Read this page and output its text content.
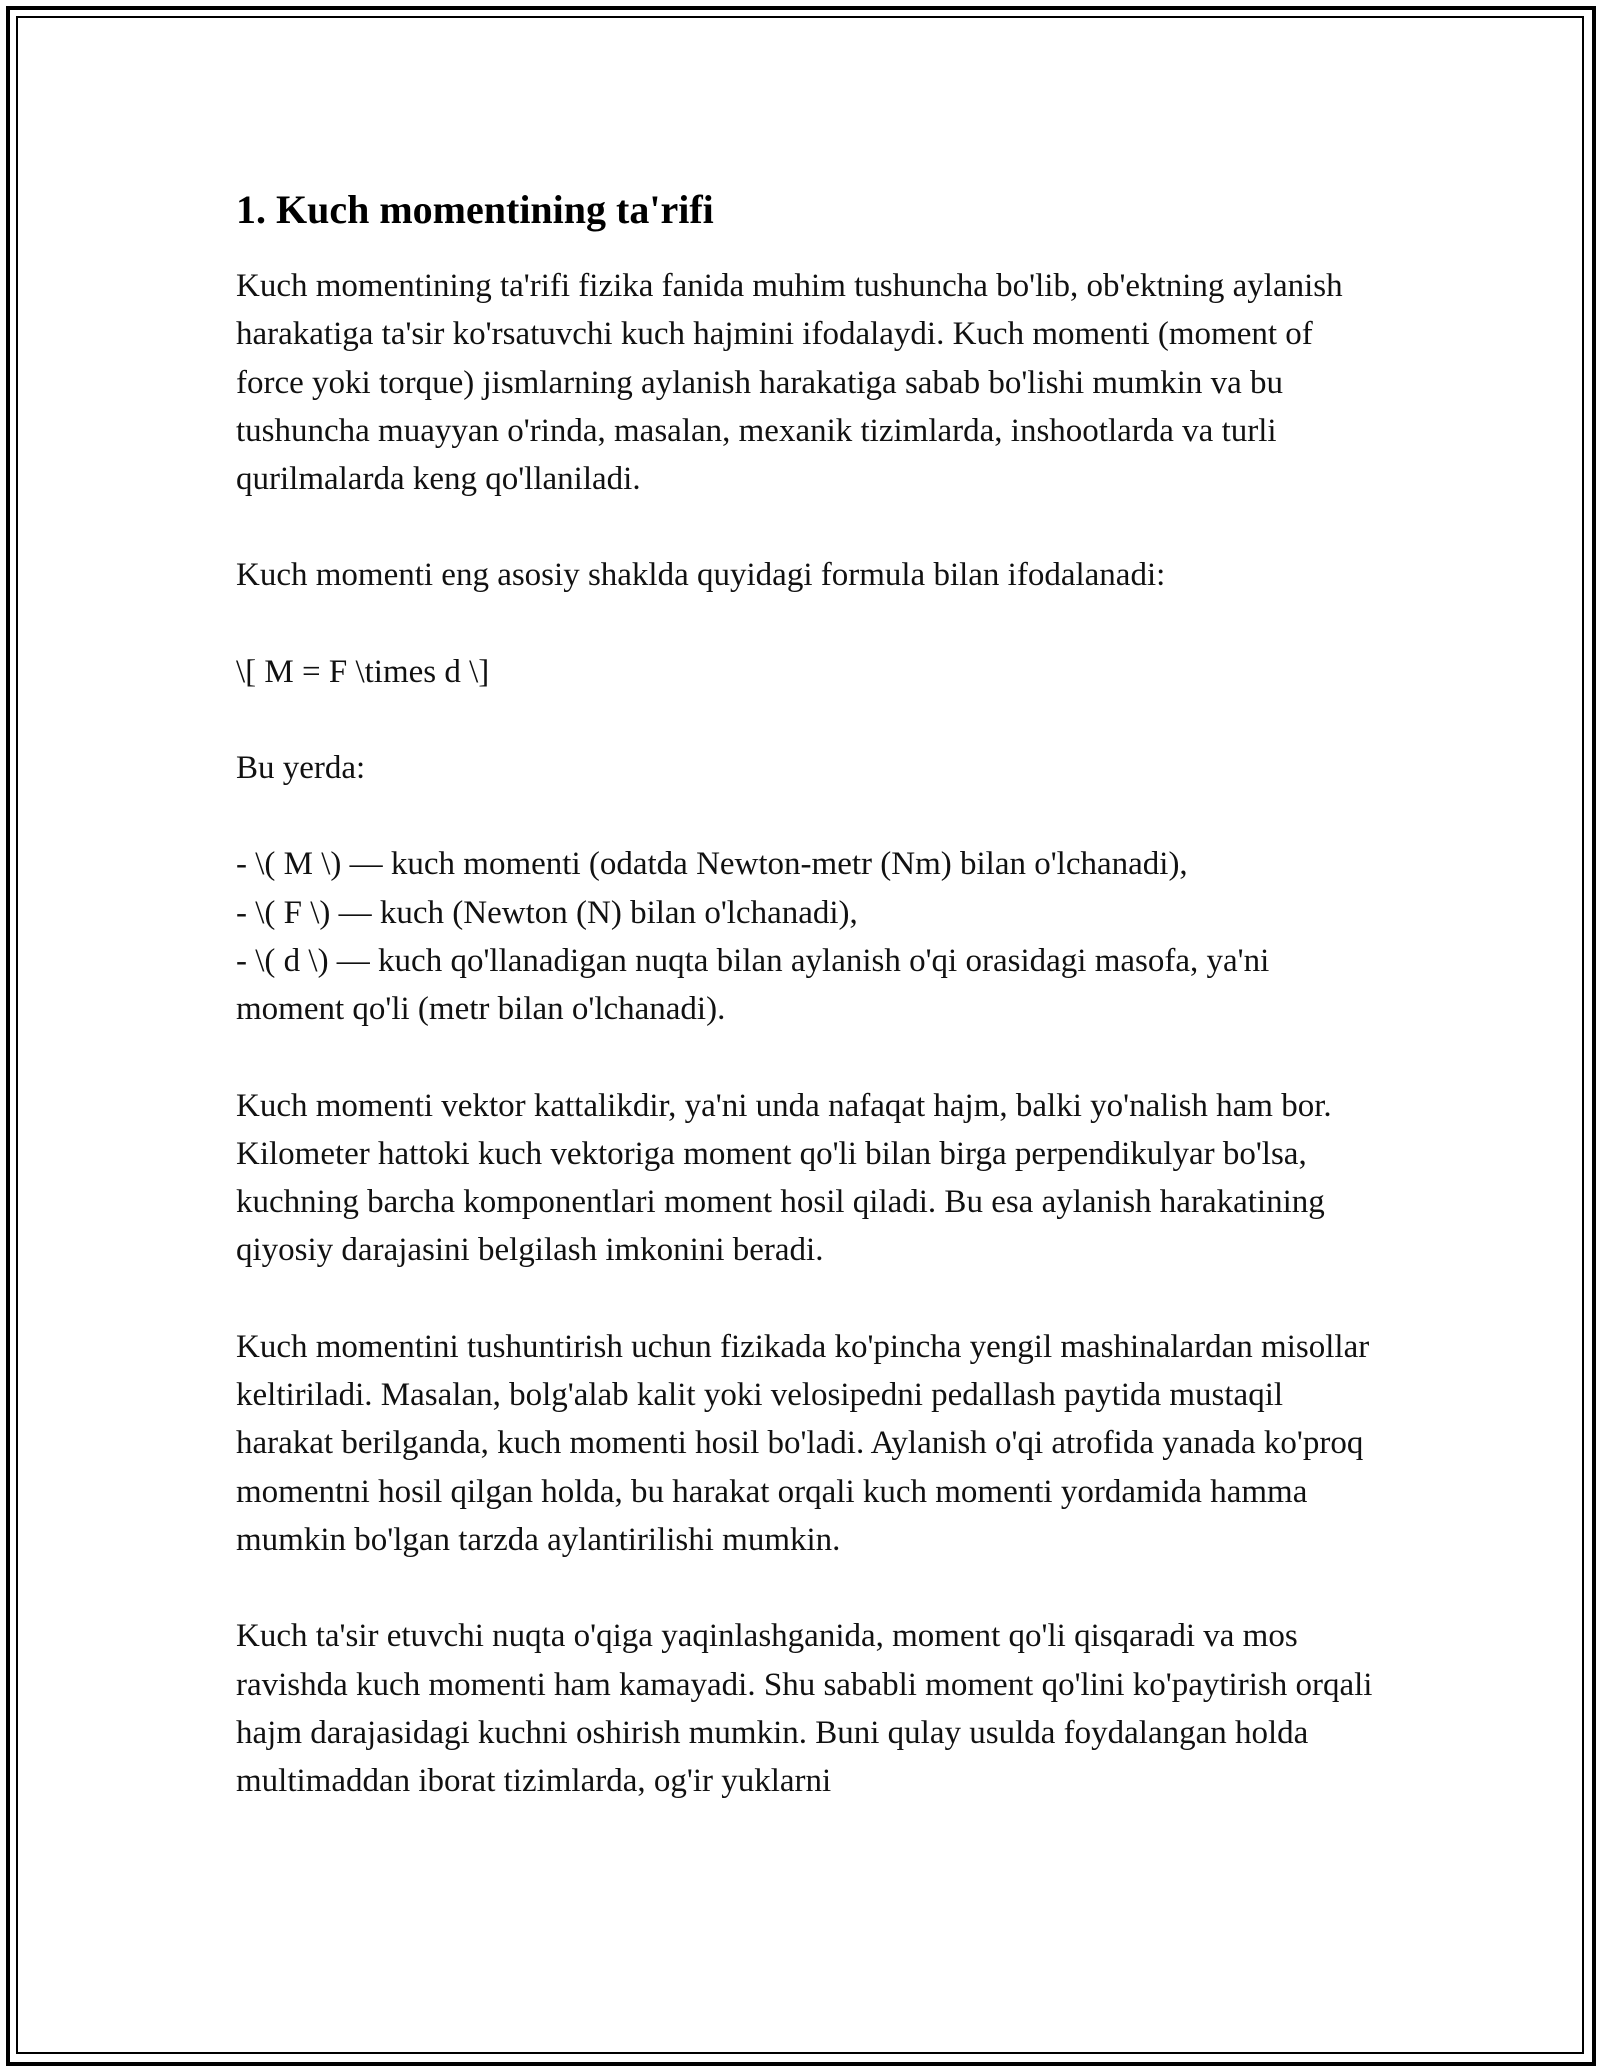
1. Kuch momentining ta'rifi

Kuch momentining ta'rifi fizika fanida muhim tushuncha bo'lib, ob'ektning aylanish harakatiga ta'sir ko'rsatuvchi kuch hajmini ifodalaydi. Kuch momenti (moment of force yoki torque) jismlarning aylanish harakatiga sabab bo'lishi mumkin va bu tushuncha muayyan o'rinda, masalan, mexanik tizimlarda, inshootlarda va turli qurilmalarda keng qo'llaniladi.

Kuch momenti eng asosiy shaklda quyidagi formula bilan ifodalanadi:

\[ M = F \times d \]

Bu yerda:

- \( M \) — kuch momenti (odatda Newton-metr (Nm) bilan o'lchanadi),
- \( F \) — kuch (Newton (N) bilan o'lchanadi),
- \( d \) — kuch qo'llanadigan nuqta bilan aylanish o'qi orasidagi masofa, ya'ni moment qo'li (metr bilan o'lchanadi).

Kuch momenti vektor kattalikdir, ya'ni unda nafaqat hajm, balki yo'nalish ham bor. Kilometer hattoki kuch vektoriga moment qo'li bilan birga perpendikulyar bo'lsa, kuchning barcha komponentlari moment hosil qiladi. Bu esa aylanish harakatining qiyosiy darajasini belgilash imkonini beradi.

Kuch momentini tushuntirish uchun fizikada ko'pincha yengil mashinalardan misollar keltiriladi. Masalan, bolg'alab kalit yoki velosipedni pedallash paytida mustaqil harakat berilganda, kuch momenti hosil bo'ladi. Aylanish o'qi atrofida yanada ko'proq momentni hosil qilgan holda, bu harakat orqali kuch momenti yordamida hamma mumkin bo'lgan tarzda aylantirilishi mumkin.

Kuch ta'sir etuvchi nuqta o'qiga yaqinlashganida, moment qo'li qisqaradi va mos ravishda kuch momenti ham kamayadi. Shu sababli moment qo'lini ko'paytirish orqali hajm darajasidagi kuchni oshirish mumkin. Buni qulay usulda foydalangan holda multimaddan iborat tizimlarda, og'ir yuklarni
